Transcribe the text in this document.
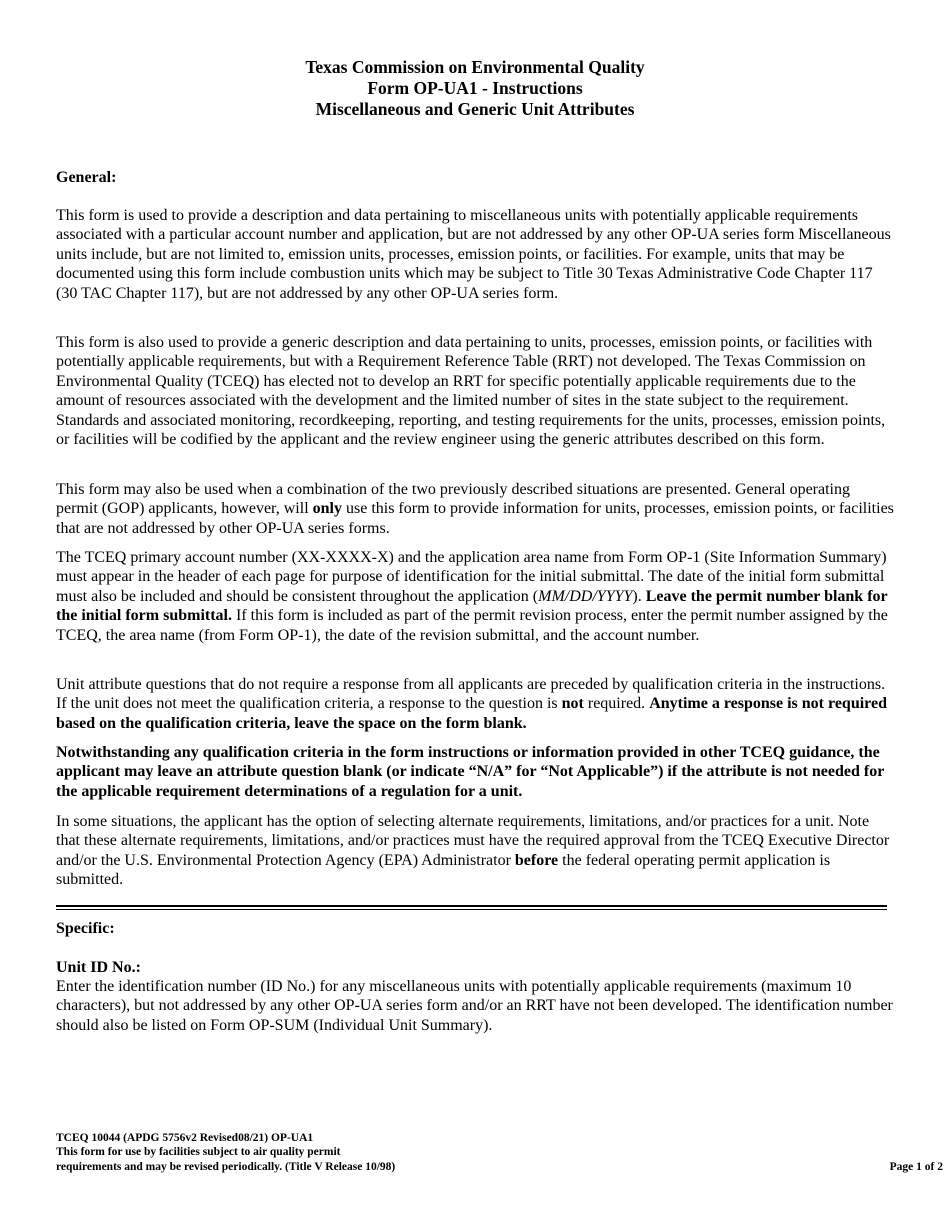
Texas Commission on Environmental Quality
Form OP-UA1 - Instructions
Miscellaneous and Generic Unit Attributes
General:

This form is used to provide a description and data pertaining to miscellaneous units with potentially applicable requirements associated with a particular account number and application, but are not addressed by any other OP-UA series form Miscellaneous units include, but are not limited to, emission units, processes, emission points, or facilities. For example, units that may be documented using this form include combustion units which may be subject to Title 30 Texas Administrative Code Chapter 117 (30 TAC Chapter 117), but are not addressed by any other OP-UA series form.

This form is also used to provide a generic description and data pertaining to units, processes, emission points, or facilities with potentially applicable requirements, but with a Requirement Reference Table (RRT) not developed. The Texas Commission on Environmental Quality (TCEQ) has elected not to develop an RRT for specific potentially applicable requirements due to the amount of resources associated with the development and the limited number of sites in the state subject to the requirement. Standards and associated monitoring, recordkeeping, reporting, and testing requirements for the units, processes, emission points, or facilities will be codified by the applicant and the review engineer using the generic attributes described on this form.

This form may also be used when a combination of the two previously described situations are presented. General operating permit (GOP) applicants, however, will only use this form to provide information for units, processes, emission points, or facilities that are not addressed by other OP-UA series forms.

The TCEQ primary account number (XX-XXXX-X) and the application area name from Form OP-1 (Site Information Summary) must appear in the header of each page for purpose of identification for the initial submittal. The date of the initial form submittal must also be included and should be consistent throughout the application (MM/DD/YYYY). Leave the permit number blank for the initial form submittal. If this form is included as part of the permit revision process, enter the permit number assigned by the TCEQ, the area name (from Form OP-1), the date of the revision submittal, and the account number.

Unit attribute questions that do not require a response from all applicants are preceded by qualification criteria in the instructions. If the unit does not meet the qualification criteria, a response to the question is not required. Anytime a response is not required based on the qualification criteria, leave the space on the form blank.

Notwithstanding any qualification criteria in the form instructions or information provided in other TCEQ guidance, the applicant may leave an attribute question blank (or indicate “N/A” for “Not Applicable”) if the attribute is not needed for the applicable requirement determinations of a regulation for a unit.

In some situations, the applicant has the option of selecting alternate requirements, limitations, and/or practices for a unit. Note that these alternate requirements, limitations, and/or practices must have the required approval from the TCEQ Executive Director and/or the U.S. Environmental Protection Agency (EPA) Administrator before the federal operating permit application is submitted.

Specific:
Unit ID No.:

Enter the identification number (ID No.) for any miscellaneous units with potentially applicable requirements (maximum 10 characters), but not addressed by any other OP-UA series form and/or an RRT have not been developed. The identification number should also be listed on Form OP-SUM (Individual Unit Summary).

TCEQ 10044 (APDG 5756v2 Revised08/21) OP-UA1
This form for use by facilities subject to air quality permit
requirements and may be revised periodically. (Title V Release 10/98)	Page 1 of 2
